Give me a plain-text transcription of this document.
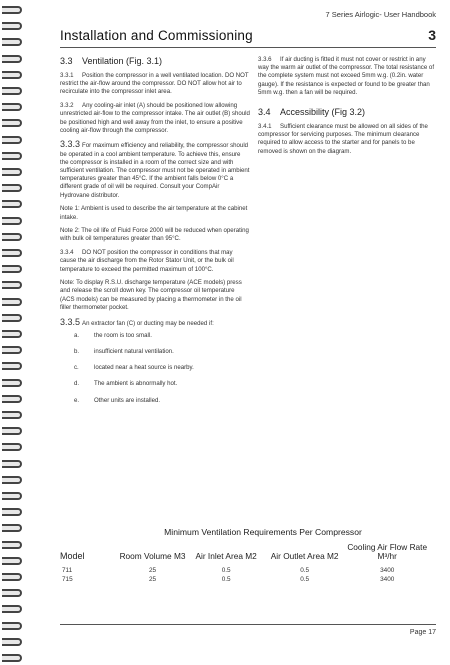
7 Series Airlogic- User Handbook
Installation and Commissioning	3
3.3 Ventilation (Fig. 3.1)

3.3.1 Position the compressor in a well ventilated location. DO NOT restrict the air-flow around the compressor. DO NOT allow hot air to recirculate into the compressor inlet area.

3.3.2 Any cooling-air inlet (A) should be positioned low allowing unrestricted air-flow to the compressor intake. The air outlet (B) should be positioned high and well away from the inlet, to ensure a positive cooling air-flow through the compressor.

3.3.3 For maximum efficiency and reliability, the compressor should be operated in a cool ambient temperature. To achieve this, ensure the compressor is installed in a room of the correct size and with sufficient ventilation. The compressor must not be operated in ambient temperatures greater than 45°C. If the ambient falls below 0°C a different grade of oil will be required. Consult your CompAir Hydrovane distributor.

Note 1: Ambient is used to describe the air temperature at the cabinet intake.

Note 2: The oil life of Fluid Force 2000 will be reduced when operating with bulk oil temperatures greater than 95°C.

3.3.4 DO NOT position the compressor in conditions that may cause the air discharge from the Rotor Stator Unit, or the bulk oil temperature to exceed the permitted maximum of 100°C.

Note: To display R.S.U. discharge temperature (ACE models) press and release the scroll down key. The compressor oil temperature (ACS models) can be measured by placing a thermometer in the oil filler thermometer pocket.

3.3.5 An extractor fan (C) or ducting may be needed if:

a. the room is too small.
b. insufficient natural ventilation.
c.	located near a heat source is nearby.
d. The ambient is abnormally hot.
e. Other units are installed.

3.3.6 If air ducting is fitted it must not cover or restrict in any way the warm air outlet of the compressor. The total resistance of the complete system must not exceed 5mm w.g. (0.2in. water gauge). If the resistance is expected or found to be greater than 5mm w.g. then a fan will be required.

3.4 Accessibility (Fig 3.2)

3.4.1 Sufficient clearance must be allowed on all sides of the compressor for servicing purposes. The minimum clearance required to allow access to the starter and for panels to be removed is shown on the diagram.

Minimum Ventilation Requirements Per Compressor
Model	Room Volume M3	Air Inlet Area M2	Air Outlet Area M2	Cooling Air Flow Rate M³/hr
711	25	0.5	0.5	3400
715	25	0.5	0.5	3400
Page 17
